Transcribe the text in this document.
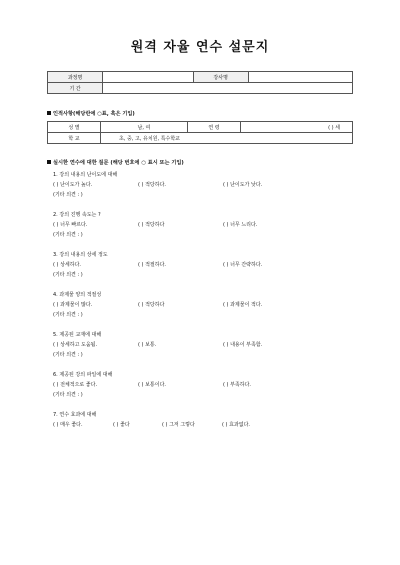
원격 자율 연수 설문지
과정명		강사명	
기 간			
인적사항(해당란에 ○표, 혹은 기입)
성 별	남, 여	연 령	( ) 세
학 교	초, 중, 고, 유치원, 특수학교		
실시한 연수에 대한 질문 (해당 번호에 ○ 표시 또는 기입)
1. 강의 내용의 난이도에 대해
( ) 난이도가 높다.	( ) 적당하다.	( ) 난이도가 낮다.
(기타 의견 : )
2. 강의 진행 속도는 ?
( ) 너무 빠르다.	( ) 적당하다	( ) 너무 느리다.
(기타 의견 : )
3. 강의 내용의 상세 정도
( ) 상세하다.	( ) 적절하다.	( ) 너무 간략하다.
(기타 의견 : )
4. 과제물 양의 적절성
( ) 과제물이 많다.	( ) 적당하다	( ) 과제물이 적다.
(기타 의견 : )
5. 제공된 교재에 대해
( ) 상세하고 도움됨.	( ) 보통.	( ) 내용이 부족함.
(기타 의견 : )
6. 제공된 강의 파일에 대해
( ) 전체적으로 좋다.	( ) 보통이다.	( ) 부족하다.
(기타 의견 : )
7. 연수 효과에 대해
( ) 매우 좋다.	( ) 좋다	( ) 그저 그렇다	( ) 효과없다.
